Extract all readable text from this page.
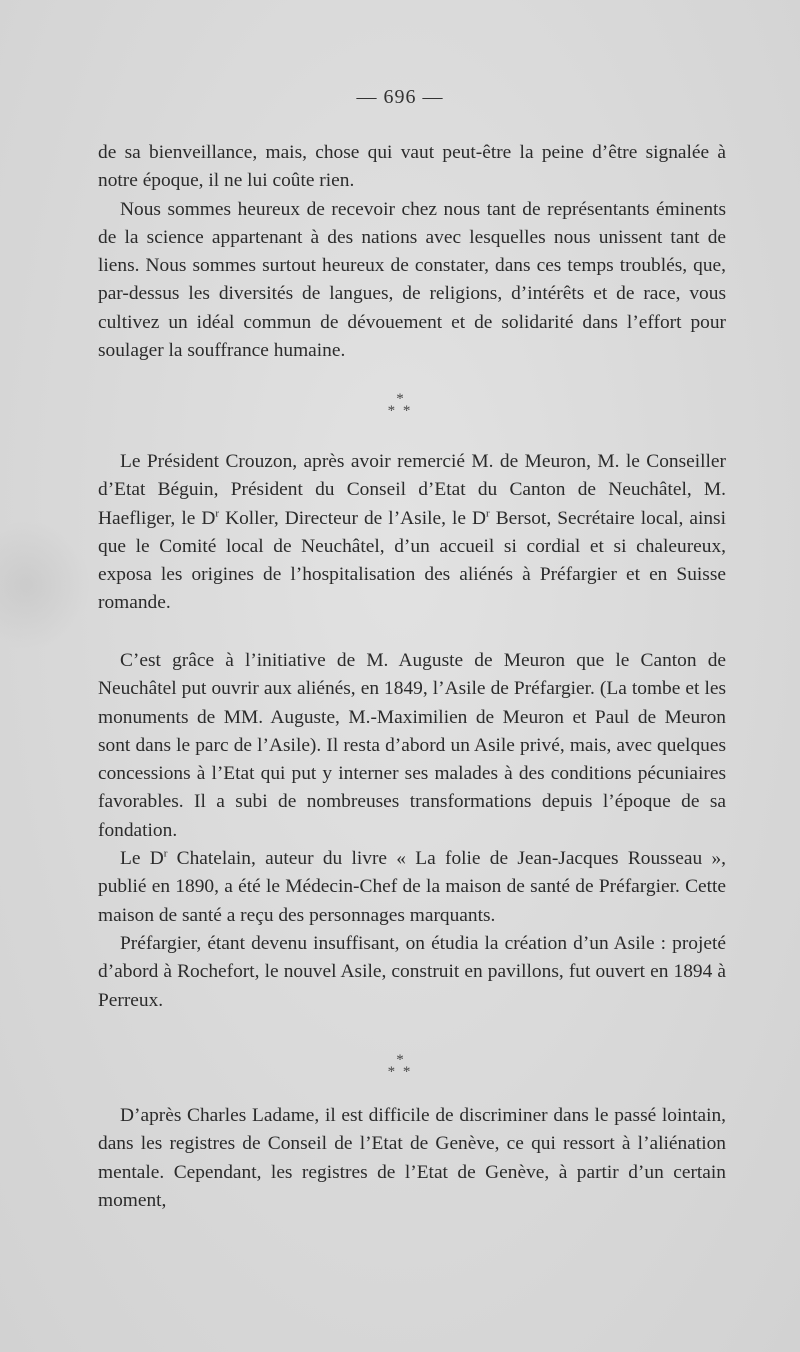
— 696 —

de sa bienveillance, mais, chose qui vaut peut-être la peine d’être signalée à notre époque, il ne lui coûte rien.

Nous sommes heureux de recevoir chez nous tant de représentants éminents de la science appartenant à des nations avec lesquelles nous unissent tant de liens. Nous sommes surtout heureux de constater, dans ces temps troublés, que, par-dessus les diversités de langues, de religions, d’intérêts et de race, vous cultivez un idéal commun de dévouement et de solidarité dans l’effort pour soulager la souffrance humaine.

*
* *

Le Président Crouzon, après avoir remercié M. de Meuron, M. le Conseiller d’Etat Béguin, Président du Conseil d’Etat du Canton de Neuchâtel, M. Haefliger, le $D^r$ Koller, Directeur de l’Asile, le $D^r$ Bersot, Secrétaire local, ainsi que le Comité local de Neuchâtel, d’un accueil si cordial et si chaleureux, exposa les origines de l’hospitalisation des aliénés à Préfargier et en Suisse romande.

C’est grâce à l’initiative de M. Auguste de Meuron que le Canton de Neuchâtel put ouvrir aux aliénés, en 1849, l’Asile de Préfargier. (La tombe et les monuments de MM. Auguste, M.-Maximilien de Meuron et Paul de Meuron sont dans le parc de l’Asile). Il resta d’abord un Asile privé, mais, avec quelques concessions à l’Etat qui put y interner ses malades à des conditions pécuniaires favorables. Il a subi de nombreuses transformations depuis l’époque de sa fondation.

Le $D^r$ Chatelain, auteur du livre « La folie de Jean-Jacques Rousseau », publié en 1890, a été le Médecin-Chef de la maison de santé de Préfargier. Cette maison de santé a reçu des personnages marquants.

Préfargier, étant devenu insuffisant, on étudia la création d’un Asile : projeté d’abord à Rochefort, le nouvel Asile, construit en pavillons, fut ouvert en 1894 à Perreux.

*
* *

D’après Charles Ladame, il est difficile de discriminer dans le passé lointain, dans les registres de Conseil de l’Etat de Genève, ce qui ressort à l’aliénation mentale. Cependant, les registres de l’Etat de Genève, à partir d’un certain moment,
